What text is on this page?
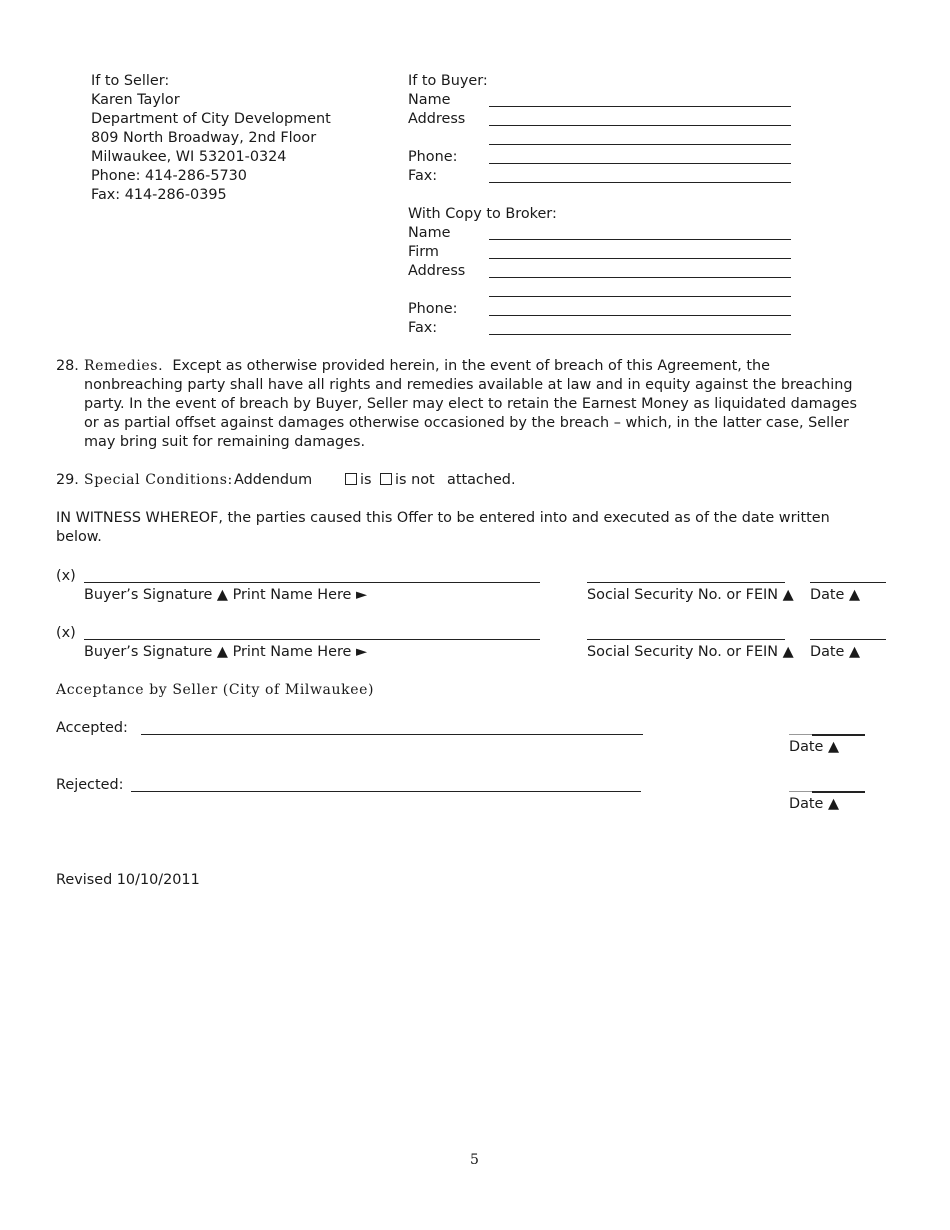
If to Seller:
Karen Taylor
Department of City Development
809 North Broadway, 2nd Floor
Milwaukee, WI 53201-0324
Phone: 414-286-5730
Fax: 414-286-0395
If to Buyer:
Name
Address
Phone:
Fax:
With Copy to Broker:
Name
Firm
Address
Phone:
Fax:
28. Remedies. Except as otherwise provided herein, in the event of breach of this Agreement, the
nonbreaching party shall have all rights and remedies available at law and in equity against the breaching
party. In the event of breach by Buyer, Seller may elect to retain the Earnest Money as liquidated damages
or as partial offset against damages otherwise occasioned by the breach – which, in the latter case, Seller
may bring suit for remaining damages.
29. Special Conditions: Addendum	is	is not attached.
IN WITNESS WHEREOF, the parties caused this Offer to be entered into and executed as of the date written
below.
(x)
Buyer’s Signature ▲ Print Name Here ►	Social Security No. or FEIN ▲ Date ▲
(x)
Buyer’s Signature ▲ Print Name Here ►	Social Security No. or FEIN ▲ Date ▲
Acceptance by Seller (City of Milwaukee)
Accepted:
Date ▲
Rejected:
Date ▲
Revised 10/10/2011
5
